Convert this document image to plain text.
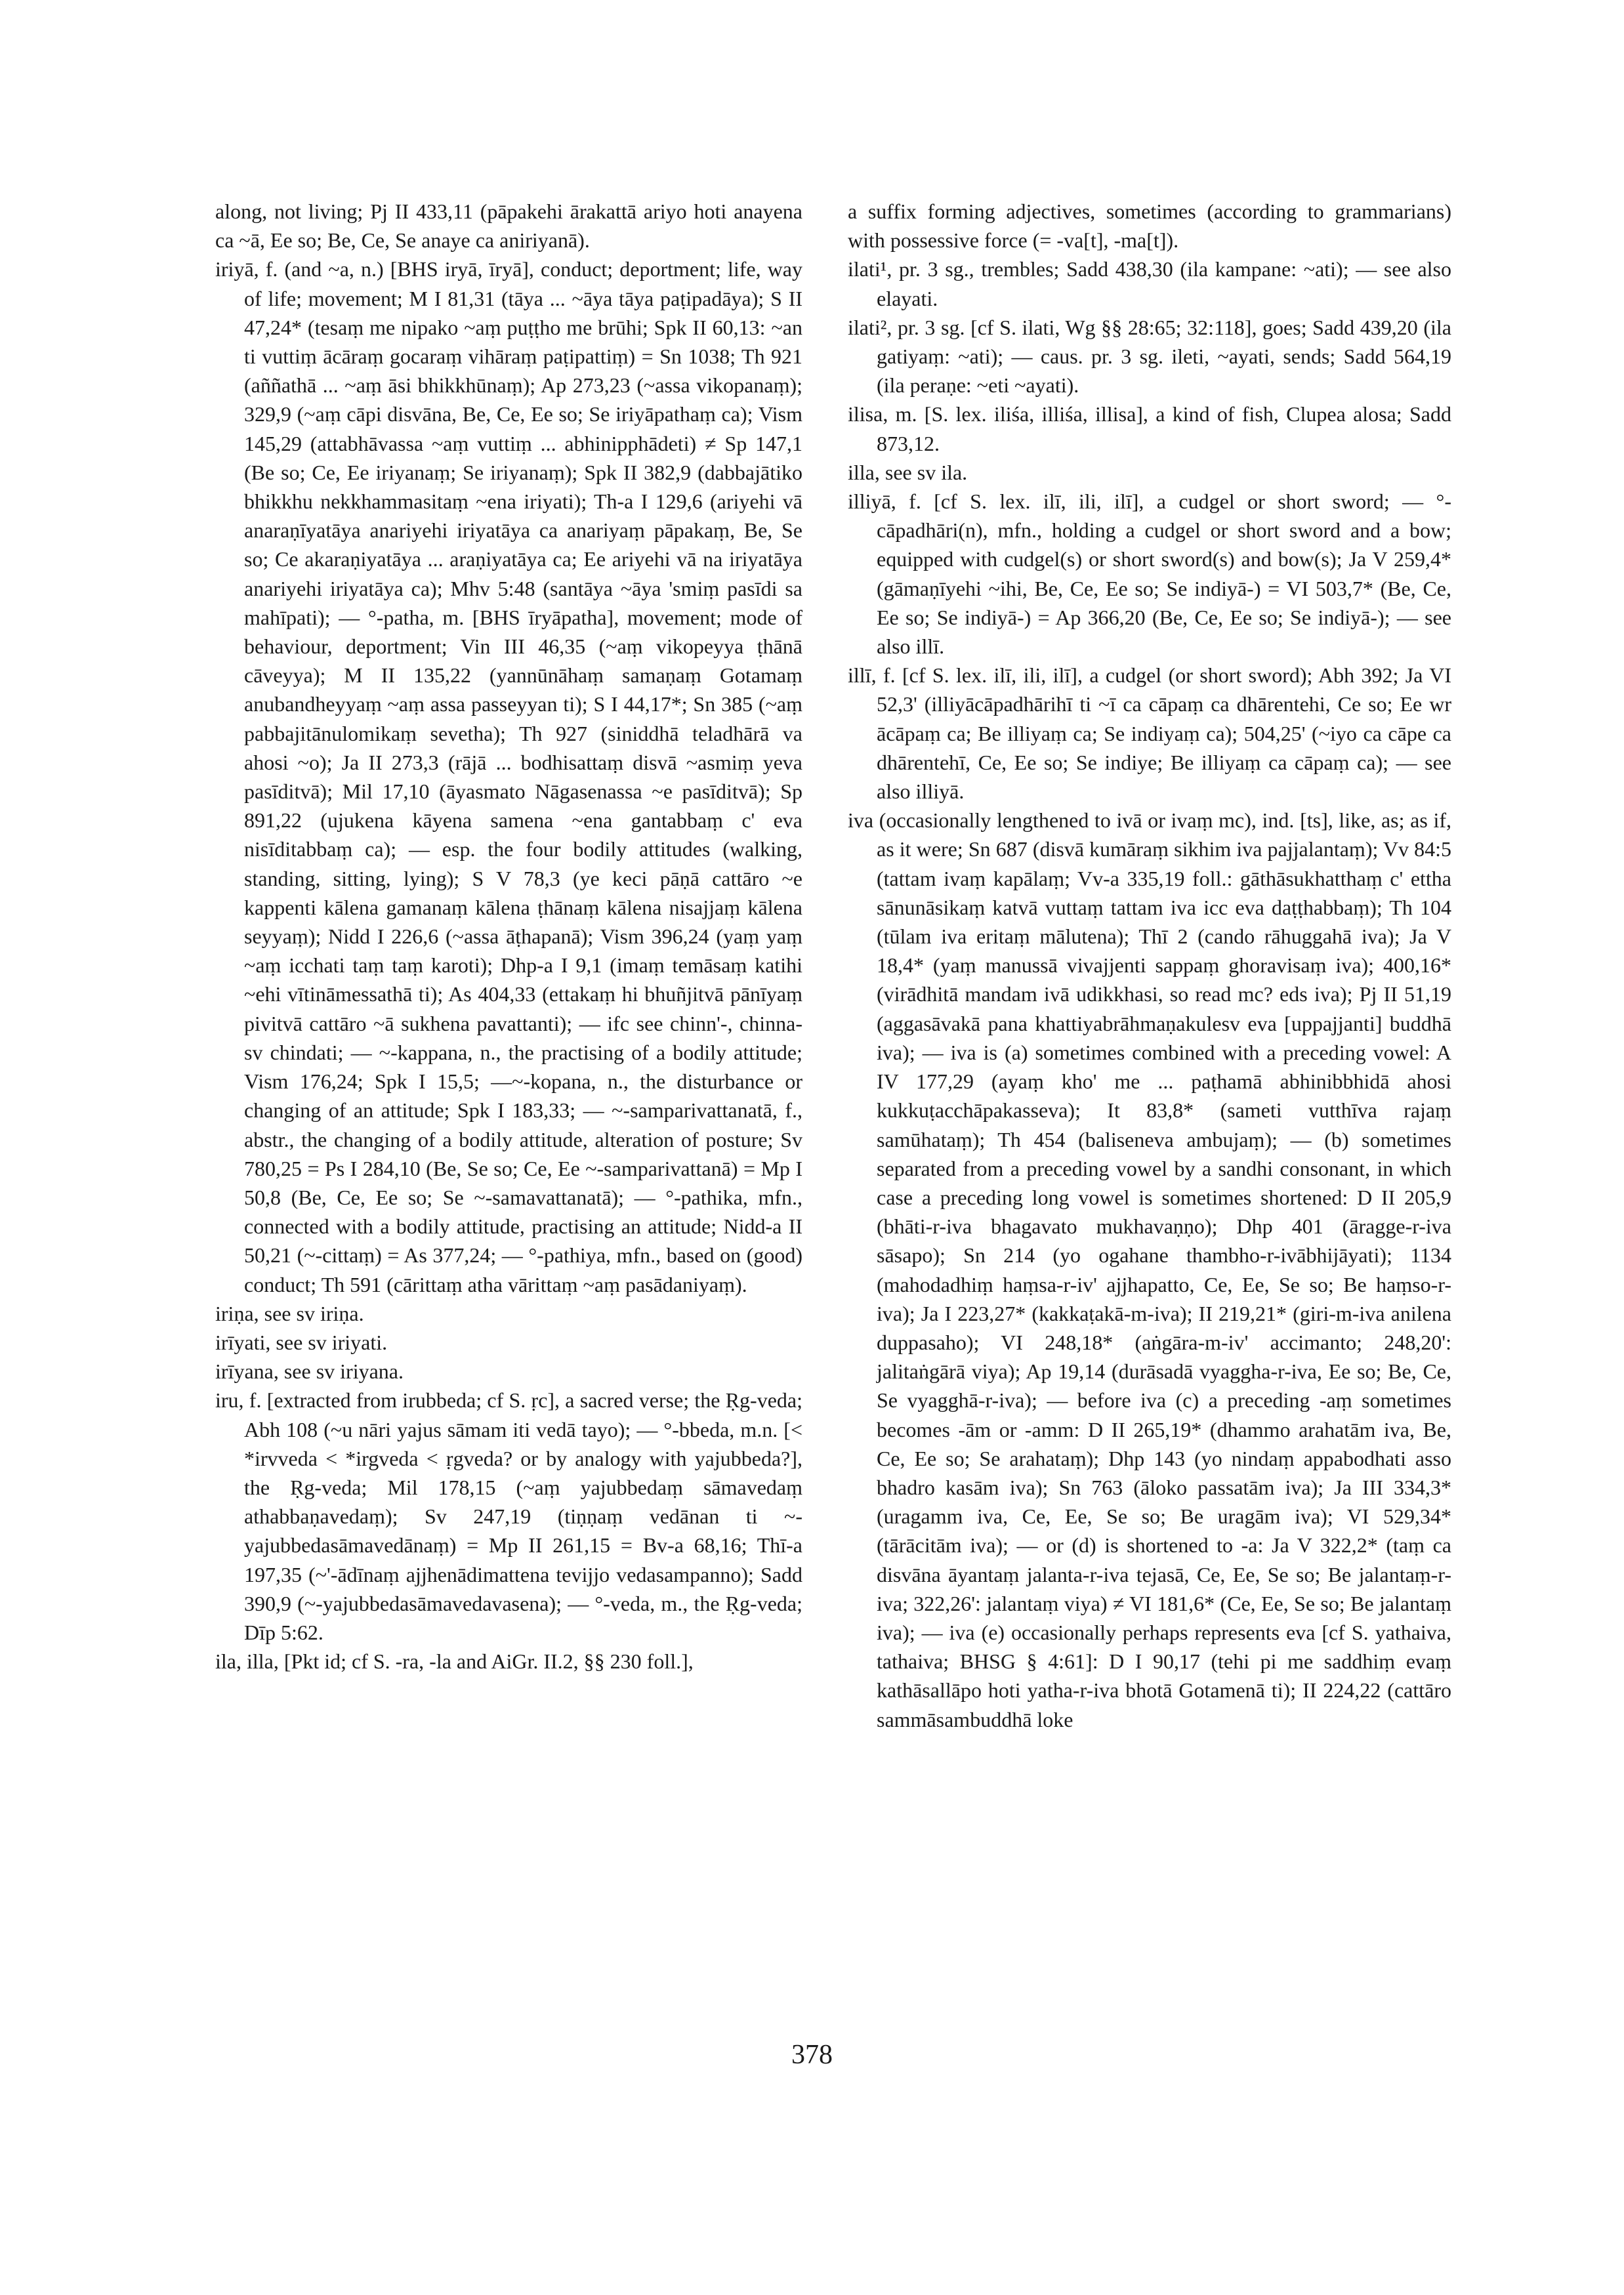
along, not living; Pj II 433,11 (pāpakehi ārakattā ariyo hoti anayena ca ~ā, Ee so; Be, Ce, Se anaye ca aniriyanā).

iriyā, f. (and ~a, n.) [BHS iryā, īryā], conduct; deportment; life, way of life; movement; M I 81,31 (tāya ... ~āya tāya paṭipadāya); S II 47,24* (tesaṃ me nipako ~aṃ puṭṭho me brūhi; Spk II 60,13: ~an ti vuttiṃ ācāraṃ gocaraṃ vihāraṃ paṭipattiṃ) = Sn 1038; Th 921 (aññathā ... ~aṃ āsi bhikkhūnaṃ); Ap 273,23 (~assa vikopanaṃ); 329,9 (~aṃ cāpi disvāna, Be, Ce, Ee so; Se iriyāpathaṃ ca); Vism 145,29 (attabhāvassa ~aṃ vuttiṃ ... abhinipphādeti) ≠ Sp 147,1 (Be so; Ce, Ee iriyanaṃ; Se iriyanaṃ); Spk II 382,9 (dabbajātiko bhikkhu nekkhammasitaṃ ~ena iriyati); Th-a I 129,6 (ariyehi vā anaraṇīyatāya anariyehi iriyatāya ca anariyaṃ pāpakaṃ, Be, Se so; Ce akaraṇiyatāya ... araṇiyatāya ca; Ee ariyehi vā na iriyatāya anariyehi iriyatāya ca); Mhv 5:48 (santāya ~āya 'smiṃ pasīdi sa mahīpati); — °-patha, m. [BHS īryāpatha], movement; mode of behaviour, deportment; Vin III 46,35 (~aṃ vikopeyya ṭhānā cāveyya); M II 135,22 (yannūnāhaṃ samaṇaṃ Gotamaṃ anubandheyyaṃ ~aṃ assa passeyyan ti); S I 44,17*; Sn 385 (~aṃ pabbajitānulomikaṃ sevetha); Th 927 (siniddhā teladhārā va ahosi ~o); Ja II 273,3 (rājā ... bodhisattaṃ disvā ~asmiṃ yeva pasīditvā); Mil 17,10 (āyasmato Nāgasenassa ~e pasīditvā); Sp 891,22 (ujukena kāyena samena ~ena gantabbaṃ c' eva nisīditabbaṃ ca); — esp. the four bodily attitudes (walking, standing, sitting, lying); S V 78,3 (ye keci pāṇā cattāro ~e kappenti kālena gamanaṃ kālena ṭhānaṃ kālena nisajjaṃ kālena seyyaṃ); Nidd I 226,6 (~assa āṭhapanā); Vism 396,24 (yaṃ yaṃ ~aṃ icchati taṃ taṃ karoti); Dhp-a I 9,1 (imaṃ temāsaṃ katihi ~ehi vītināmessathā ti); As 404,33 (ettakaṃ hi bhuñjitvā pānīyaṃ pivitvā cattāro ~ā sukhena pavattanti); — ifc see chinn'-, chinna- sv chindati; — ~-kappana, n., the practising of a bodily attitude; Vism 176,24; Spk I 15,5; —~-kopana, n., the disturbance or changing of an attitude; Spk I 183,33; — ~-samparivattanatā, f., abstr., the changing of a bodily attitude, alteration of posture; Sv 780,25 = Ps I 284,10 (Be, Se so; Ce, Ee ~-samparivattanā) = Mp I 50,8 (Be, Ce, Ee so; Se ~-samavattanatā); — °-pathika, mfn., connected with a bodily attitude, practising an attitude; Nidd-a II 50,21 (~-cittaṃ) = As 377,24; — °-pathiya, mfn., based on (good) conduct; Th 591 (cārittaṃ atha vārittaṃ ~aṃ pasādaniyaṃ).

iriṇa, see sv iriṇa.

irīyati, see sv iriyati.

irīyana, see sv iriyana.

iru, f. [extracted from irubbeda; cf S. ṛc], a sacred verse; the Ṛg-veda; Abh 108 (~u nāri yajus sāmam iti vedā tayo); — °-bbeda, m.n. [< *irvveda < *irgveda < ṛgveda? or by analogy with yajubbeda?], the Ṛg-veda; Mil 178,15 (~aṃ yajubbedaṃ sāmavedaṃ athabbaṇavedaṃ); Sv 247,19 (tiṇṇaṃ vedānan ti ~-yajubbedasāmavedānaṃ) = Mp II 261,15 = Bv-a 68,16; Thī-a 197,35 (~'-ādīnaṃ ajjhenādimattena tevijjo vedasampanno); Sadd 390,9 (~-yajubbedasāmavedavasena); — °-veda, m., the Ṛg-veda; Dīp 5:62.

ila, illa, [Pkt id; cf S. -ra, -la and AiGr. II.2, §§ 230 foll.],

a suffix forming adjectives, sometimes (according to grammarians) with possessive force (= -va[t], -ma[t]).

ilati¹, pr. 3 sg., trembles; Sadd 438,30 (ila kampane: ~ati); — see also elayati.

ilati², pr. 3 sg. [cf S. ilati, Wg §§ 28:65; 32:118], goes; Sadd 439,20 (ila gatiyaṃ: ~ati); — caus. pr. 3 sg. ileti, ~ayati, sends; Sadd 564,19 (ila peraṇe: ~eti ~ayati).

ilisa, m. [S. lex. iliśa, illiśa, illisa], a kind of fish, Clupea alosa; Sadd 873,12.

illa, see sv ila.

illiyā, f. [cf S. lex. ilī, ili, ilī], a cudgel or short sword; — °-cāpadhāri(n), mfn., holding a cudgel or short sword and a bow; equipped with cudgel(s) or short sword(s) and bow(s); Ja V 259,4* (gāmaṇīyehi ~ihi, Be, Ce, Ee so; Se indiyā-) = VI 503,7* (Be, Ce, Ee so; Se indiyā-) = Ap 366,20 (Be, Ce, Ee so; Se indiyā-); — see also illī.

illī, f. [cf S. lex. ilī, ili, ilī], a cudgel (or short sword); Abh 392; Ja VI 52,3' (illiyācāpadhārihī ti ~ī ca cāpaṃ ca dhārentehi, Ce so; Ee wr ācāpaṃ ca; Be illiyaṃ ca; Se indiyaṃ ca); 504,25' (~iyo ca cāpe ca dhārentehī, Ce, Ee so; Se indiye; Be illiyaṃ ca cāpaṃ ca); — see also illiyā.

iva (occasionally lengthened to ivā or ivaṃ mc), ind. [ts], like, as; as if, as it were; Sn 687 (disvā kumāraṃ sikhim iva pajjalantaṃ); Vv 84:5 (tattam ivaṃ kapālaṃ; Vv-a 335,19 foll.: gāthāsukhatthaṃ c' ettha sānunāsikaṃ katvā vuttaṃ tattam iva icc eva daṭṭhabbaṃ); Th 104 (tūlam iva eritaṃ mālutena); Thī 2 (cando rāhuggahā iva); Ja V 18,4* (yaṃ manussā vivajjenti sappaṃ ghoravisaṃ iva); 400,16* (virādhitā mandam ivā udikkhasi, so read mc? eds iva); Pj II 51,19 (aggasāvakā pana khattiyabrāhmaṇakulesv eva [uppajjanti] buddhā iva); — iva is (a) sometimes combined with a preceding vowel: A IV 177,29 (ayaṃ kho' me ... paṭhamā abhinibbhidā ahosi kukkuṭacchāpakasseva); It 83,8* (sameti vutthīva rajaṃ samūhataṃ); Th 454 (baliseneva ambujaṃ); — (b) sometimes separated from a preceding vowel by a sandhi consonant, in which case a preceding long vowel is sometimes shortened: D II 205,9 (bhāti-r-iva bhagavato mukhavaṇṇo); Dhp 401 (āragge-r-iva sāsapo); Sn 214 (yo ogahane thambho-r-ivābhijāyati); 1134 (mahodadhiṃ haṃsa-r-iv' ajjhapatto, Ce, Ee, Se so; Be haṃso-r-iva); Ja I 223,27* (kakkaṭakā-m-iva); II 219,21* (giri-m-iva anilena duppasaho); VI 248,18* (aṅgāra-m-iv' accimanto; 248,20': jalitaṅgārā viya); Ap 19,14 (durāsadā vyaggha-r-iva, Ee so; Be, Ce, Se vyagghā-r-iva); — before iva (c) a preceding -aṃ sometimes becomes -ām or -amm: D II 265,19* (dhammo arahatām iva, Be, Ce, Ee so; Se arahataṃ); Dhp 143 (yo nindaṃ appabodhati asso bhadro kasām iva); Sn 763 (āloko passatām iva); Ja III 334,3* (uragamm iva, Ce, Ee, Se so; Be uragām iva); VI 529,34* (tārācitām iva); — or (d) is shortened to -a: Ja V 322,2* (taṃ ca disvāna āyantaṃ jalanta-r-iva tejasā, Ce, Ee, Se so; Be jalantaṃ-r-iva; 322,26': jalantaṃ viya) ≠ VI 181,6* (Ce, Ee, Se so; Be jalantaṃ iva); — iva (e) occasionally perhaps represents eva [cf S. yathaiva, tathaiva; BHSG § 4:61]: D I 90,17 (tehi pi me saddhiṃ evaṃ kathāsallāpo hoti yatha-r-iva bhotā Gotamenā ti); II 224,22 (cattāro sammāsambuddhā loke

378
